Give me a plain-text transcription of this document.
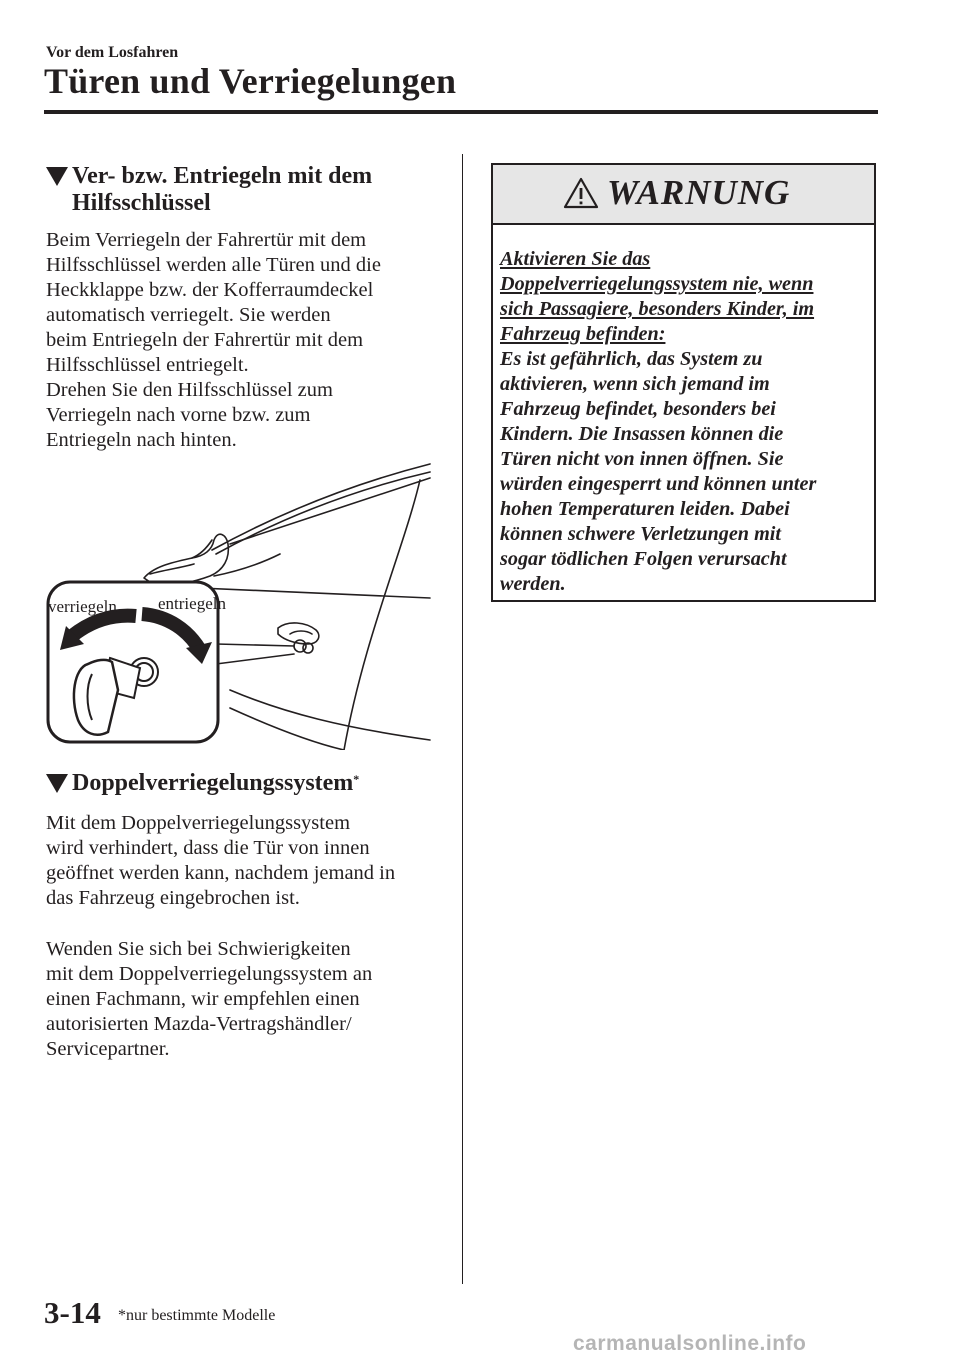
Vor dem Losfahren
Türen und Verriegelungen
Ver- bzw. Entriegeln mit dem
Hilfsschlüssel
Beim Verriegeln der Fahrertür mit dem
Hilfsschlüssel werden alle Türen und die
Heckklappe bzw. der Kofferraumdeckel
automatisch verriegelt. Sie werden
beim Entriegeln der Fahrertür mit dem
Hilfsschlüssel entriegelt.
Drehen Sie den Hilfsschlüssel zum
Verriegeln nach vorne bzw. zum
Entriegeln nach hinten.
verriegeln entriegeln
Doppelverriegelungssystem*
Mit dem Doppelverriegelungssystem
wird verhindert, dass die Tür von innen
geöffnet werden kann, nachdem jemand in
das Fahrzeug eingebrochen ist.
Wenden Sie sich bei Schwierigkeiten
mit dem Doppelverriegelungssystem an
einen Fachmann, wir empfehlen einen
autorisierten Mazda-Vertragshändler/
Servicepartner.
WARNUNG
Aktivieren Sie das
Doppelverriegelungssystem nie, wenn
sich Passagiere, besonders Kinder, im
Fahrzeug befinden:
Es ist gefährlich, das System zu
aktivieren, wenn sich jemand im
Fahrzeug befindet, besonders bei
Kindern. Die Insassen können die
Türen nicht von innen öffnen. Sie
würden eingesperrt und können unter
hohen Temperaturen leiden. Dabei
können schwere Verletzungen mit
sogar tödlichen Folgen verursacht
werden.
3-14 *nur bestimmte Modelle
carmanualsonline.info
